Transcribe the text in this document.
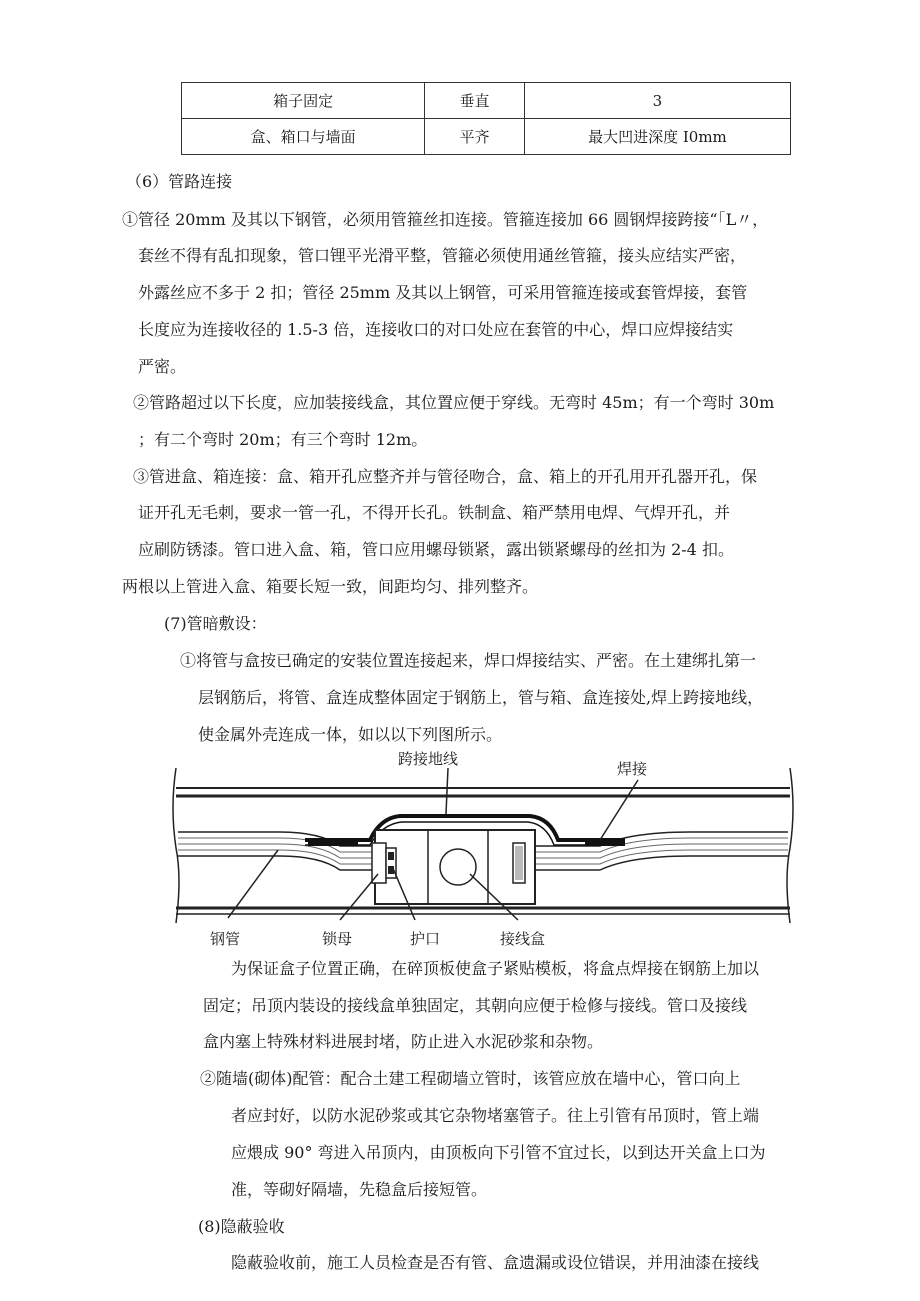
箱子固定	垂直	3
盒、箱口与墙面	平齐	最大凹进深度 I0mm
（6）管路连接
①管径 20mm 及其以下钢管，必须用管箍丝扣连接。管箍连接加 66 圆钢焊接跨接“「L〃，
套丝不得有乱扣现象，管口锂平光滑平整，管箍必须使用通丝管箍，接头应结实严密，
外露丝应不多于 2 扣；管径 25mm 及其以上钢管，可采用管箍连接或套管焊接，套管
长度应为连接收径的 1.5-3 倍，连接收口的对口处应在套管的中心，焊口应焊接结实
严密。
②管路超过以下长度，应加装接线盒，其位置应便于穿线。无弯时 45m；有一个弯时 30m
；有二个弯时 20m；有三个弯时 12m。
③管进盒、箱连接：盒、箱开孔应整齐并与管径吻合，盒、箱上的开孔用开孔器开孔，保
证开孔无毛刺，要求一管一孔，不得开长孔。铁制盒、箱严禁用电焊、气焊开孔，并
应刷防锈漆。管口进入盒、箱，管口应用螺母锁紧，露出锁紧螺母的丝扣为 2-4 扣。
两根以上管进入盒、箱要长短一致，间距均匀、排列整齐。
(7)管暗敷设：
①将管与盒按已确定的安装位置连接起来，焊口焊接结实、严密。在土建绑扎第一
层钢筋后，将管、盒连成整体固定于钢筋上，管与箱、盒连接处,焊上跨接地线，
使金属外壳连成一体，如以以下列图所示。
跨接地线
焊接
钢管	锁母	护口	接线盒
为保证盒子位置正确，在碎顶板使盒子紧贴模板，将盒点焊接在钢筋上加以
固定；吊顶内装设的接线盒单独固定，其朝向应便于检修与接线。管口及接线
盒内塞上特殊材料进展封堵，防止进入水泥砂浆和杂物。
②随墙(砌体)配管：配合土建工程砌墙立管时，该管应放在墙中心，管口向上
者应封好，以防水泥砂浆或其它杂物堵塞管子。往上引管有吊顶时，管上端
应煨成 90° 弯进入吊顶内，由顶板向下引管不宜过长，以到达开关盒上口为
准，等砌好隔墙，先稳盒后接短管。
(8)隐蔽验收
隐蔽验收前，施工人员检查是否有管、盒遗漏或设位错误，并用油漆在接线
